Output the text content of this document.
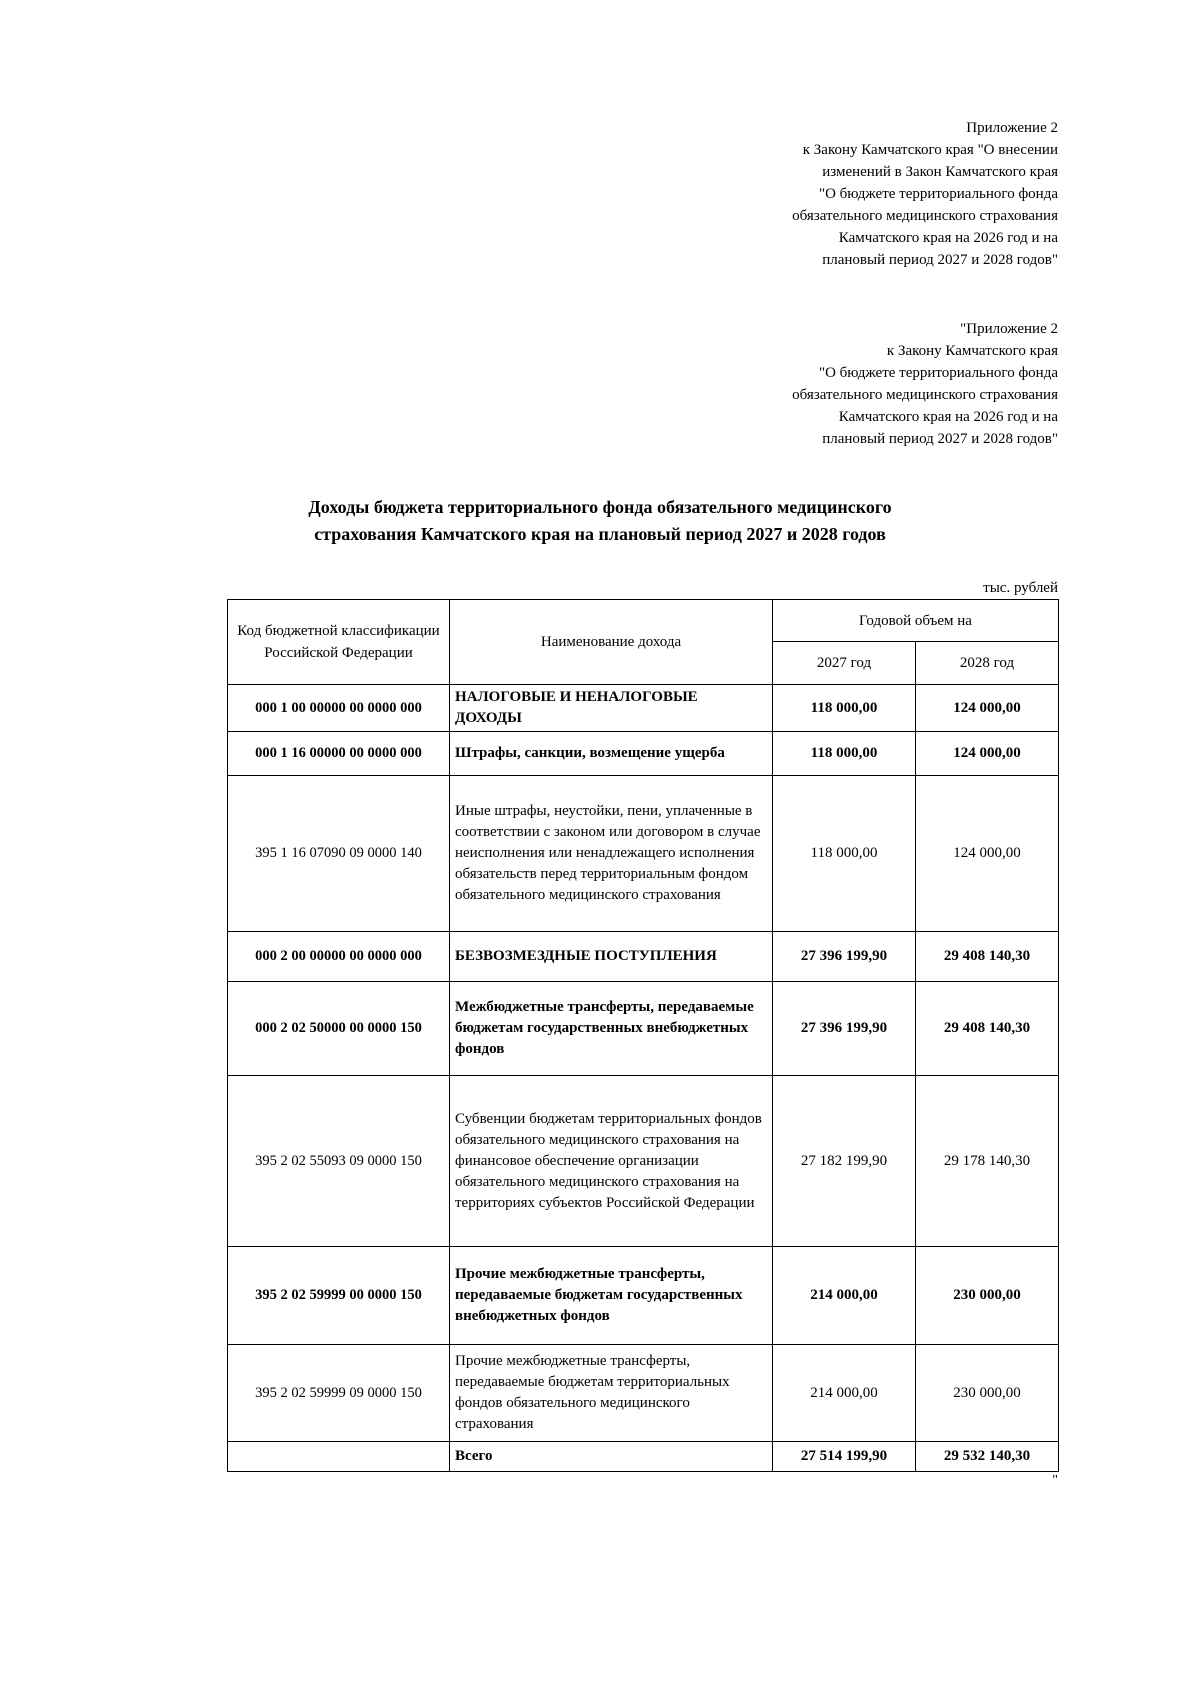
Приложение 2
к Закону Камчатского края "О внесении
изменений в Закон Камчатского края
"О бюджете территориального фонда
обязательного медицинского страхования
Камчатского края на 2026 год и на
плановый период 2027 и 2028 годов"
"Приложение 2
к Закону Камчатского края
"О бюджете территориального фонда
обязательного медицинского страхования
Камчатского края на 2026 год и на
плановый период 2027 и 2028 годов"
Доходы бюджета территориального фонда обязательного медицинского
страхования Камчатского края на плановый период 2027 и 2028 годов
тыс. рублей
Код бюджетной классификации Российской Федерации	Наименование дохода	Годовой объем на	
		2027 год	2028 год
000 1 00 00000 00 0000 000	НАЛОГОВЫЕ И НЕНАЛОГОВЫЕ ДОХОДЫ	118 000,00	124 000,00
000 1 16 00000 00 0000 000	Штрафы, санкции, возмещение ущерба	118 000,00	124 000,00
395 1 16 07090 09 0000 140	Иные штрафы, неустойки, пени, уплаченные в соответствии с законом или договором в случае неисполнения или ненадлежащего исполнения обязательств перед территориальным фондом обязательного медицинского страхования	118 000,00	124 000,00
000 2 00 00000 00 0000 000	БЕЗВОЗМЕЗДНЫЕ ПОСТУПЛЕНИЯ	27 396 199,90	29 408 140,30
000 2 02 50000 00 0000 150	Межбюджетные трансферты, передаваемые бюджетам государственных внебюджетных фондов	27 396 199,90	29 408 140,30
395 2 02 55093 09 0000 150	Субвенции бюджетам территориальных фондов обязательного медицинского страхования на финансовое обеспечение организации обязательного медицинского страхования на территориях субъектов Российской Федерации	27 182 199,90	29 178 140,30
395 2 02 59999 00 0000 150	Прочие межбюджетные трансферты, передаваемые бюджетам государственных внебюджетных фондов	214 000,00	230 000,00
395 2 02 59999 09 0000 150	Прочие межбюджетные трансферты, передаваемые бюджетам территориальных фондов обязательного медицинского страхования	214 000,00	230 000,00
	Всего	27 514 199,90	29 532 140,30
"
